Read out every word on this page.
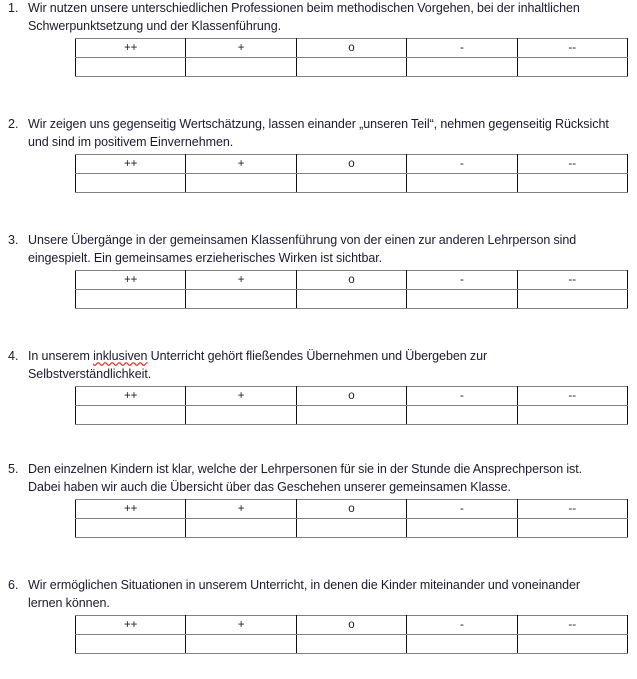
1. Wir nutzen unsere unterschiedlichen Professionen beim methodischen Vorgehen, bei der inhaltlichen Schwerpunktsetzung und der Klassenführung.

++	+	o	-	--

2. Wir zeigen uns gegenseitig Wertschätzung, lassen einander „unseren Teil“, nehmen gegenseitig Rücksicht und sind im positivem Einvernehmen.

++	+	o	-	--

3. Unsere Übergänge in der gemeinsamen Klassenführung von der einen zur anderen Lehrperson sind eingespielt. Ein gemeinsames erzieherisches Wirken ist sichtbar.

++	+	o	-	--

4. In unserem inklusiven Unterricht gehört fließendes Übernehmen und Übergeben zur Selbstverständlichkeit.

++	+	o	-	--

5. Den einzelnen Kindern ist klar, welche der Lehrpersonen für sie in der Stunde die Ansprechperson ist. Dabei haben wir auch die Übersicht über das Geschehen unserer gemeinsamen Klasse.

++	+	o	-	--

6. Wir ermöglichen Situationen in unserem Unterricht, in denen die Kinder miteinander und voneinander lernen können.

++	+	o	-	--
